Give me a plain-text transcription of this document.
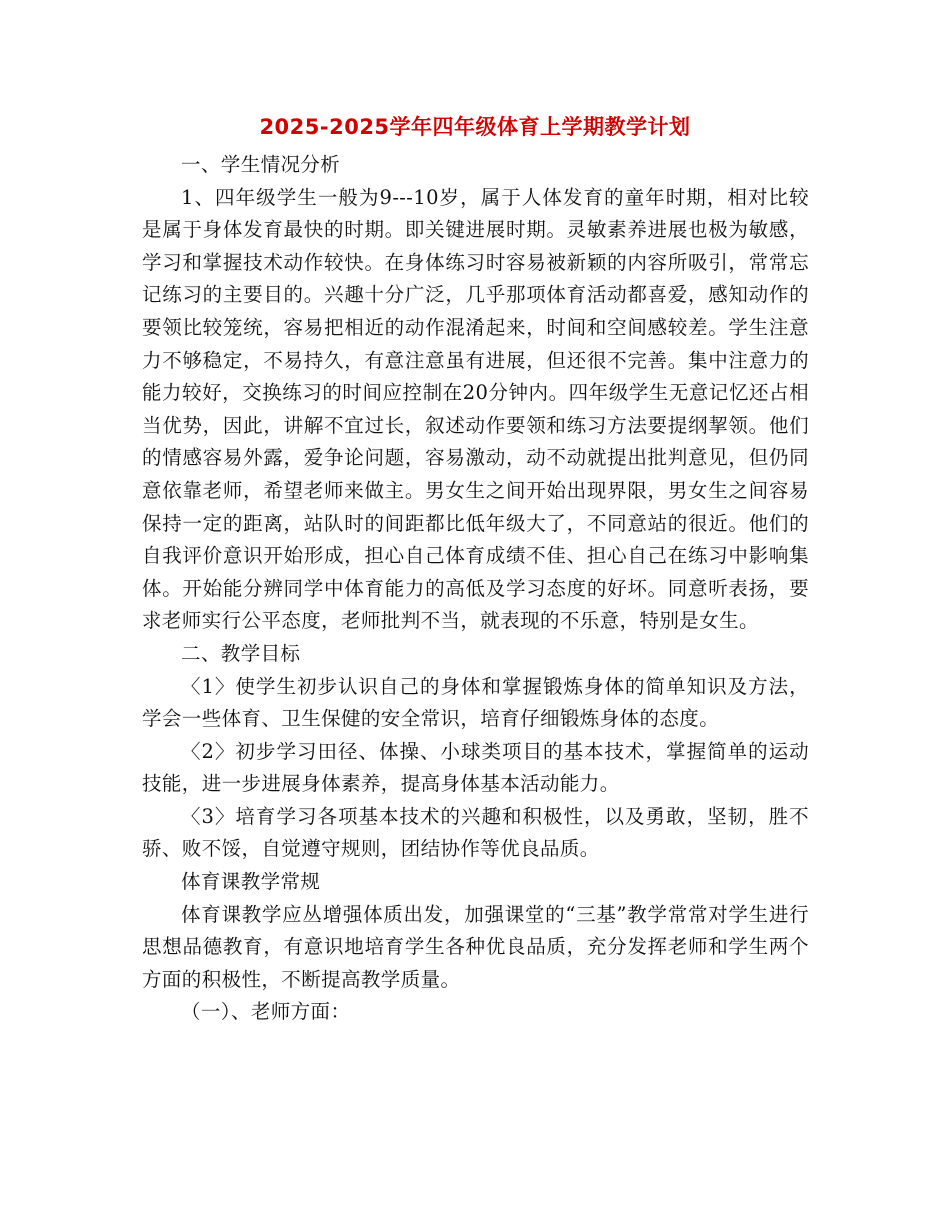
2025-2025学年四年级体育上学期教学计划

一、学生情况分析

1、四年级学生一般为9---10岁，属于人体发育的童年时期，相对比较是属于身体发育最快的时期。即关键进展时期。灵敏素养进展也极为敏感，学习和掌握技术动作较快。在身体练习时容易被新颖的内容所吸引，常常忘记练习的主要目的。兴趣十分广泛，几乎那项体育活动都喜爱，感知动作的要领比较笼统，容易把相近的动作混淆起来，时间和空间感较差。学生注意力不够稳定，不易持久，有意注意虽有进展，但还很不完善。集中注意力的能力较好，交换练习的时间应控制在20分钟内。四年级学生无意记忆还占相当优势，因此，讲解不宜过长，叙述动作要领和练习方法要提纲挈领。他们的情感容易外露，爱争论问题，容易激动，动不动就提出批判意见，但仍同意依靠老师，希望老师来做主。男女生之间开始出现界限，男女生之间容易保持一定的距离，站队时的间距都比低年级大了，不同意站的很近。他们的自我评价意识开始形成，担心自己体育成绩不佳、担心自己在练习中影响集体。开始能分辨同学中体育能力的高低及学习态度的好坏。同意听表扬，要求老师实行公平态度，老师批判不当，就表现的不乐意，特别是女生。

二、教学目标

〈1〉使学生初步认识自己的身体和掌握锻炼身体的简单知识及方法，学会一些体育、卫生保健的安全常识，培育仔细锻炼身体的态度。

〈2〉初步学习田径、体操、小球类项目的基本技术，掌握简单的运动技能，进一步进展身体素养，提高身体基本活动能力。

〈3〉培育学习各项基本技术的兴趣和积极性，以及勇敢，坚韧，胜不骄、败不馁，自觉遵守规则，团结协作等优良品质。

体育课教学常规

体育课教学应丛增强体质出发，加强课堂的“三基”教学常常对学生进行思想品德教育，有意识地培育学生各种优良品质，充分发挥老师和学生两个方面的积极性，不断提高教学质量。

（一）、老师方面：
